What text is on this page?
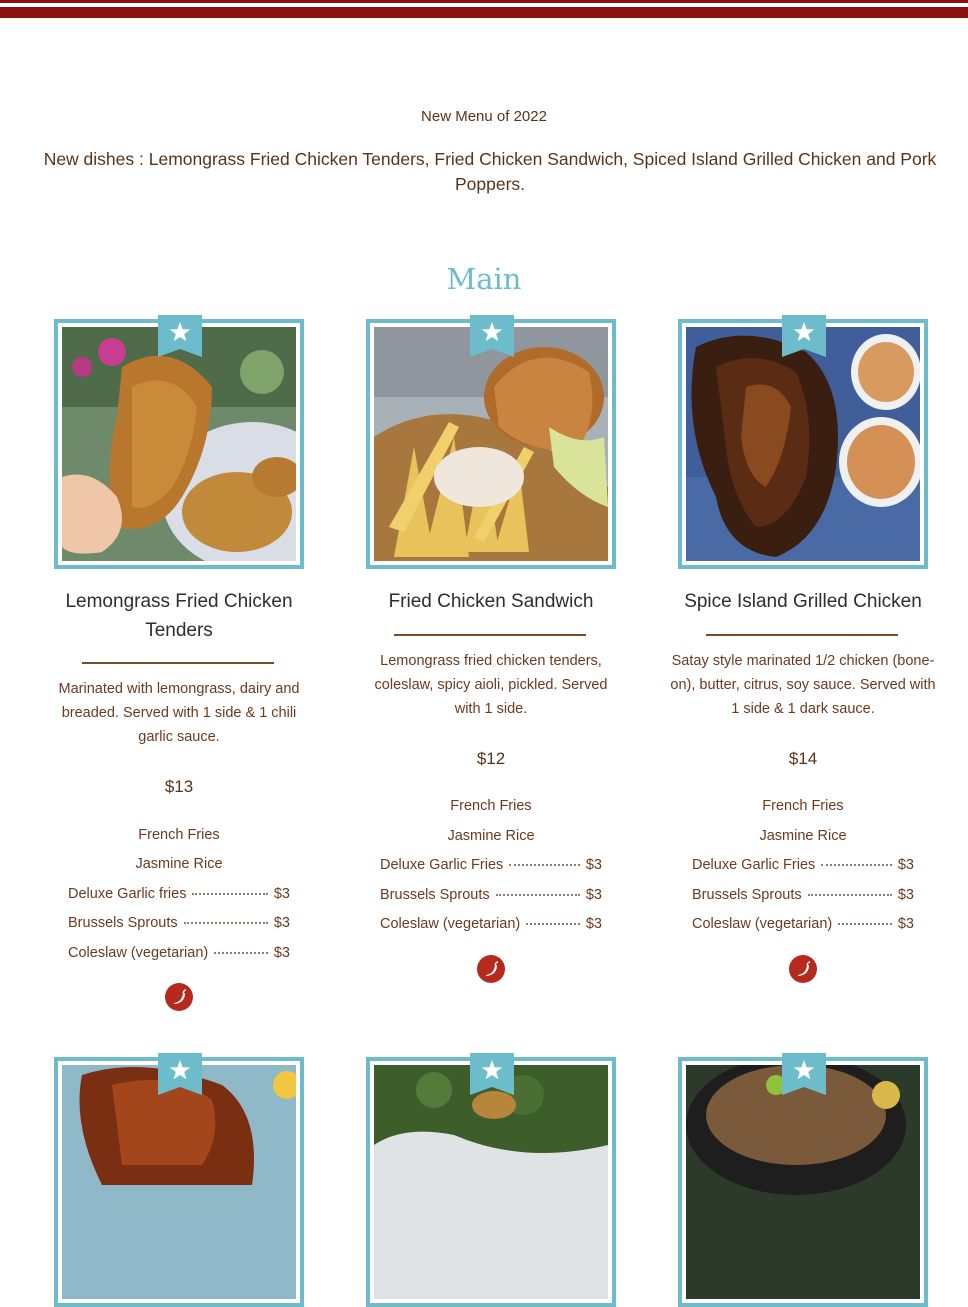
New Menu of 2022
New dishes : Lemongrass Fried Chicken Tenders, Fried Chicken Sandwich, Spiced Island Grilled Chicken and Pork Poppers.
Main
Lemongrass Fried Chicken Tenders
Marinated with lemongrass, dairy and breaded. Served with 1 side & 1 chili garlic sauce.
$13
French Fries
Jasmine Rice
Deluxe Garlic fries	$3
Brussels Sprouts	$3
Coleslaw (vegetarian)	$3
Fried Chicken Sandwich
Lemongrass fried chicken tenders, coleslaw, spicy aioli, pickled. Served with 1 side.
$12
French Fries
Jasmine Rice
Deluxe Garlic Fries	$3
Brussels Sprouts	$3
Coleslaw (vegetarian)	$3
Spice Island Grilled Chicken
Satay style marinated 1/2 chicken (bone-on), butter, citrus, soy sauce. Served with 1 side & 1 dark sauce.
$14
French Fries
Jasmine Rice
Deluxe Garlic Fries	$3
Brussels Sprouts	$3
Coleslaw (vegetarian)	$3
